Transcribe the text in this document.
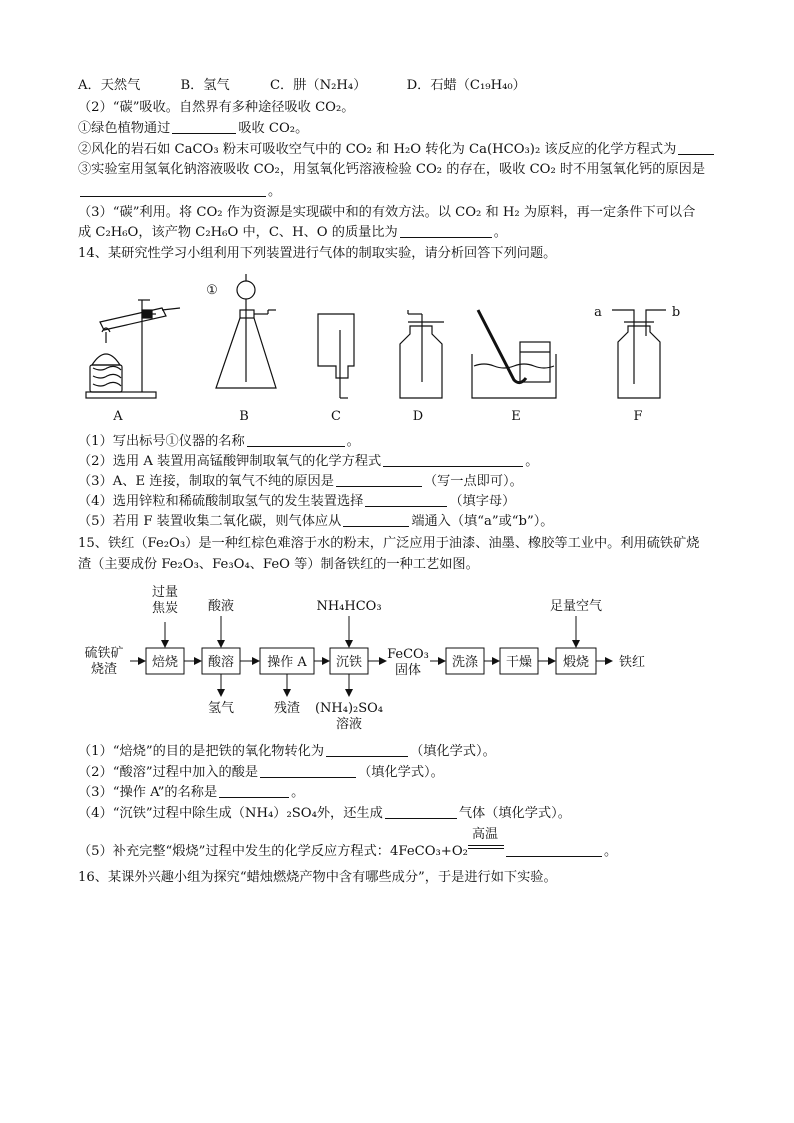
A．天然气	B．氢气	C．肼（N₂H₄）	D．石蜡（C₁₉H₄₀）
（2）“碳”吸收。自然界有多种途径吸收 CO₂。
①绿色植物通过	吸收 CO₂。
②风化的岩石如 CaCO₃ 粉末可吸收空气中的 CO₂ 和 H₂O 转化为 Ca(HCO₃)₂ 该反应的化学方程式为
③实验室用氢氧化钠溶液吸收 CO₂，用氢氧化钙溶液检验 CO₂ 的存在，吸收 CO₂ 时不用氢氧化钙的原因是
。
（3）“碳”利用。将 CO₂ 作为资源是实现碳中和的有效方法。以 CO₂ 和 H₂ 为原料，再一定条件下可以合
成 C₂H₆O，该产物 C₂H₆O 中，C、H、O 的质量比为	。
14、某研究性学习小组利用下列装置进行气体的制取实验，请分析回答下列问题。
A	B	C	D	E	F
①
a	b
（1）写出标号①仪器的名称	。
（2）选用 A 装置用高锰酸钾制取氧气的化学方程式	。
（3）A、E 连接，制取的氧气不纯的原因是	（写一点即可）。
（4）选用锌粒和稀硫酸制取氢气的发生装置选择	（填字母）
（5）若用 F 装置收集二氧化碳，则气体应从	端通入（填“a”或“b”）。
15、铁红（Fe₂O₃）是一种红棕色难溶于水的粉末，广泛应用于油漆、油墨、橡胶等工业中。利用硫铁矿烧
渣（主要成份 Fe₂O₃、Fe₃O₄、FeO 等）制备铁红的一种工艺如图。
硫铁矿
烧渣	焙烧 酸溶	操作 A 沉铁	洗涤 干燥 煅烧
过量
焦炭 酸液	NH₄HCO₃	足量空气
氢气	残渣 (NH₄)₂SO₄
溶液
FeCO₃
固体
铁红
（1）“焙烧”的目的是把铁的氧化物转化为	（填化学式）。
（2）“酸溶”过程中加入的酸是	（填化学式）。
（3）“操作 A”的名称是	。
（4）“沉铁”过程中除生成（NH₄）₂SO₄外，还生成	气体（填化学式）。
（5）补充完整“煅烧”过程中发生的化学反应方程式：4FeCO₃+O₂
高温
。
16、某课外兴趣小组为探究“蜡烛燃烧产物中含有哪些成分”，于是进行如下实验。
